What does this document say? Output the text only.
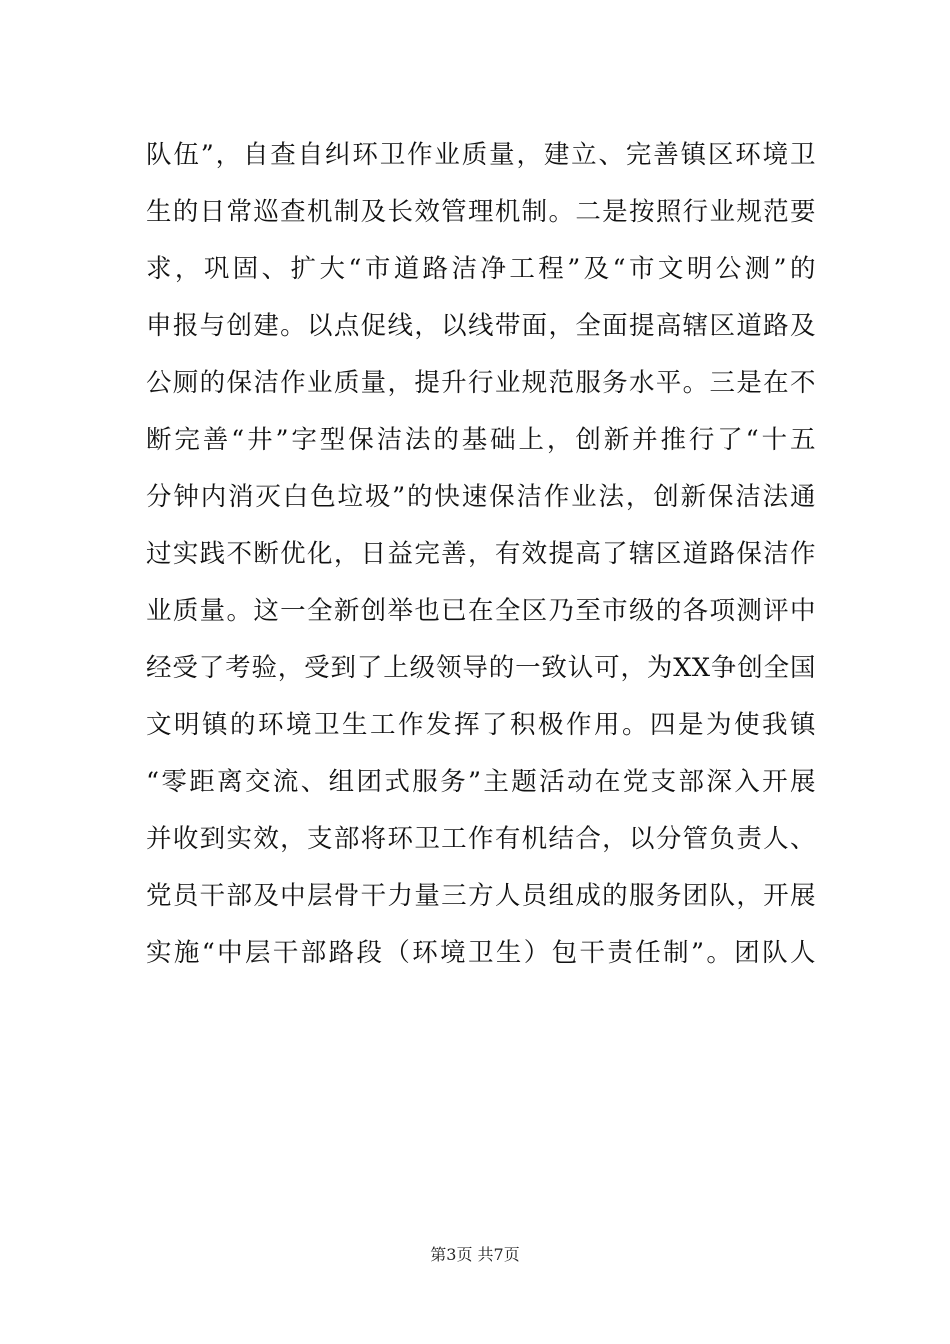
队伍”，自查自纠环卫作业质量，建立、完善镇区环境卫
生的日常巡查机制及长效管理机制。二是按照行业规范要
求，巩固、扩大“市道路洁净工程”及“市文明公测”的
申报与创建。以点促线，以线带面，全面提高辖区道路及
公厕的保洁作业质量，提升行业规范服务水平。三是在不
断完善“井”字型保洁法的基础上，创新并推行了“十五
分钟内消灭白色垃圾”的快速保洁作业法，创新保洁法通
过实践不断优化，日益完善，有效提高了辖区道路保洁作
业质量。这一全新创举也已在全区乃至市级的各项测评中
经受了考验，受到了上级领导的一致认可，为XX争创全国
文明镇的环境卫生工作发挥了积极作用。四是为使我镇
“零距离交流、组团式服务”主题活动在党支部深入开展
并收到实效，支部将环卫工作有机结合，以分管负责人、
党员干部及中层骨干力量三方人员组成的服务团队，开展
实施“中层干部路段（环境卫生）包干责任制”。团队人
第3页 共7页
